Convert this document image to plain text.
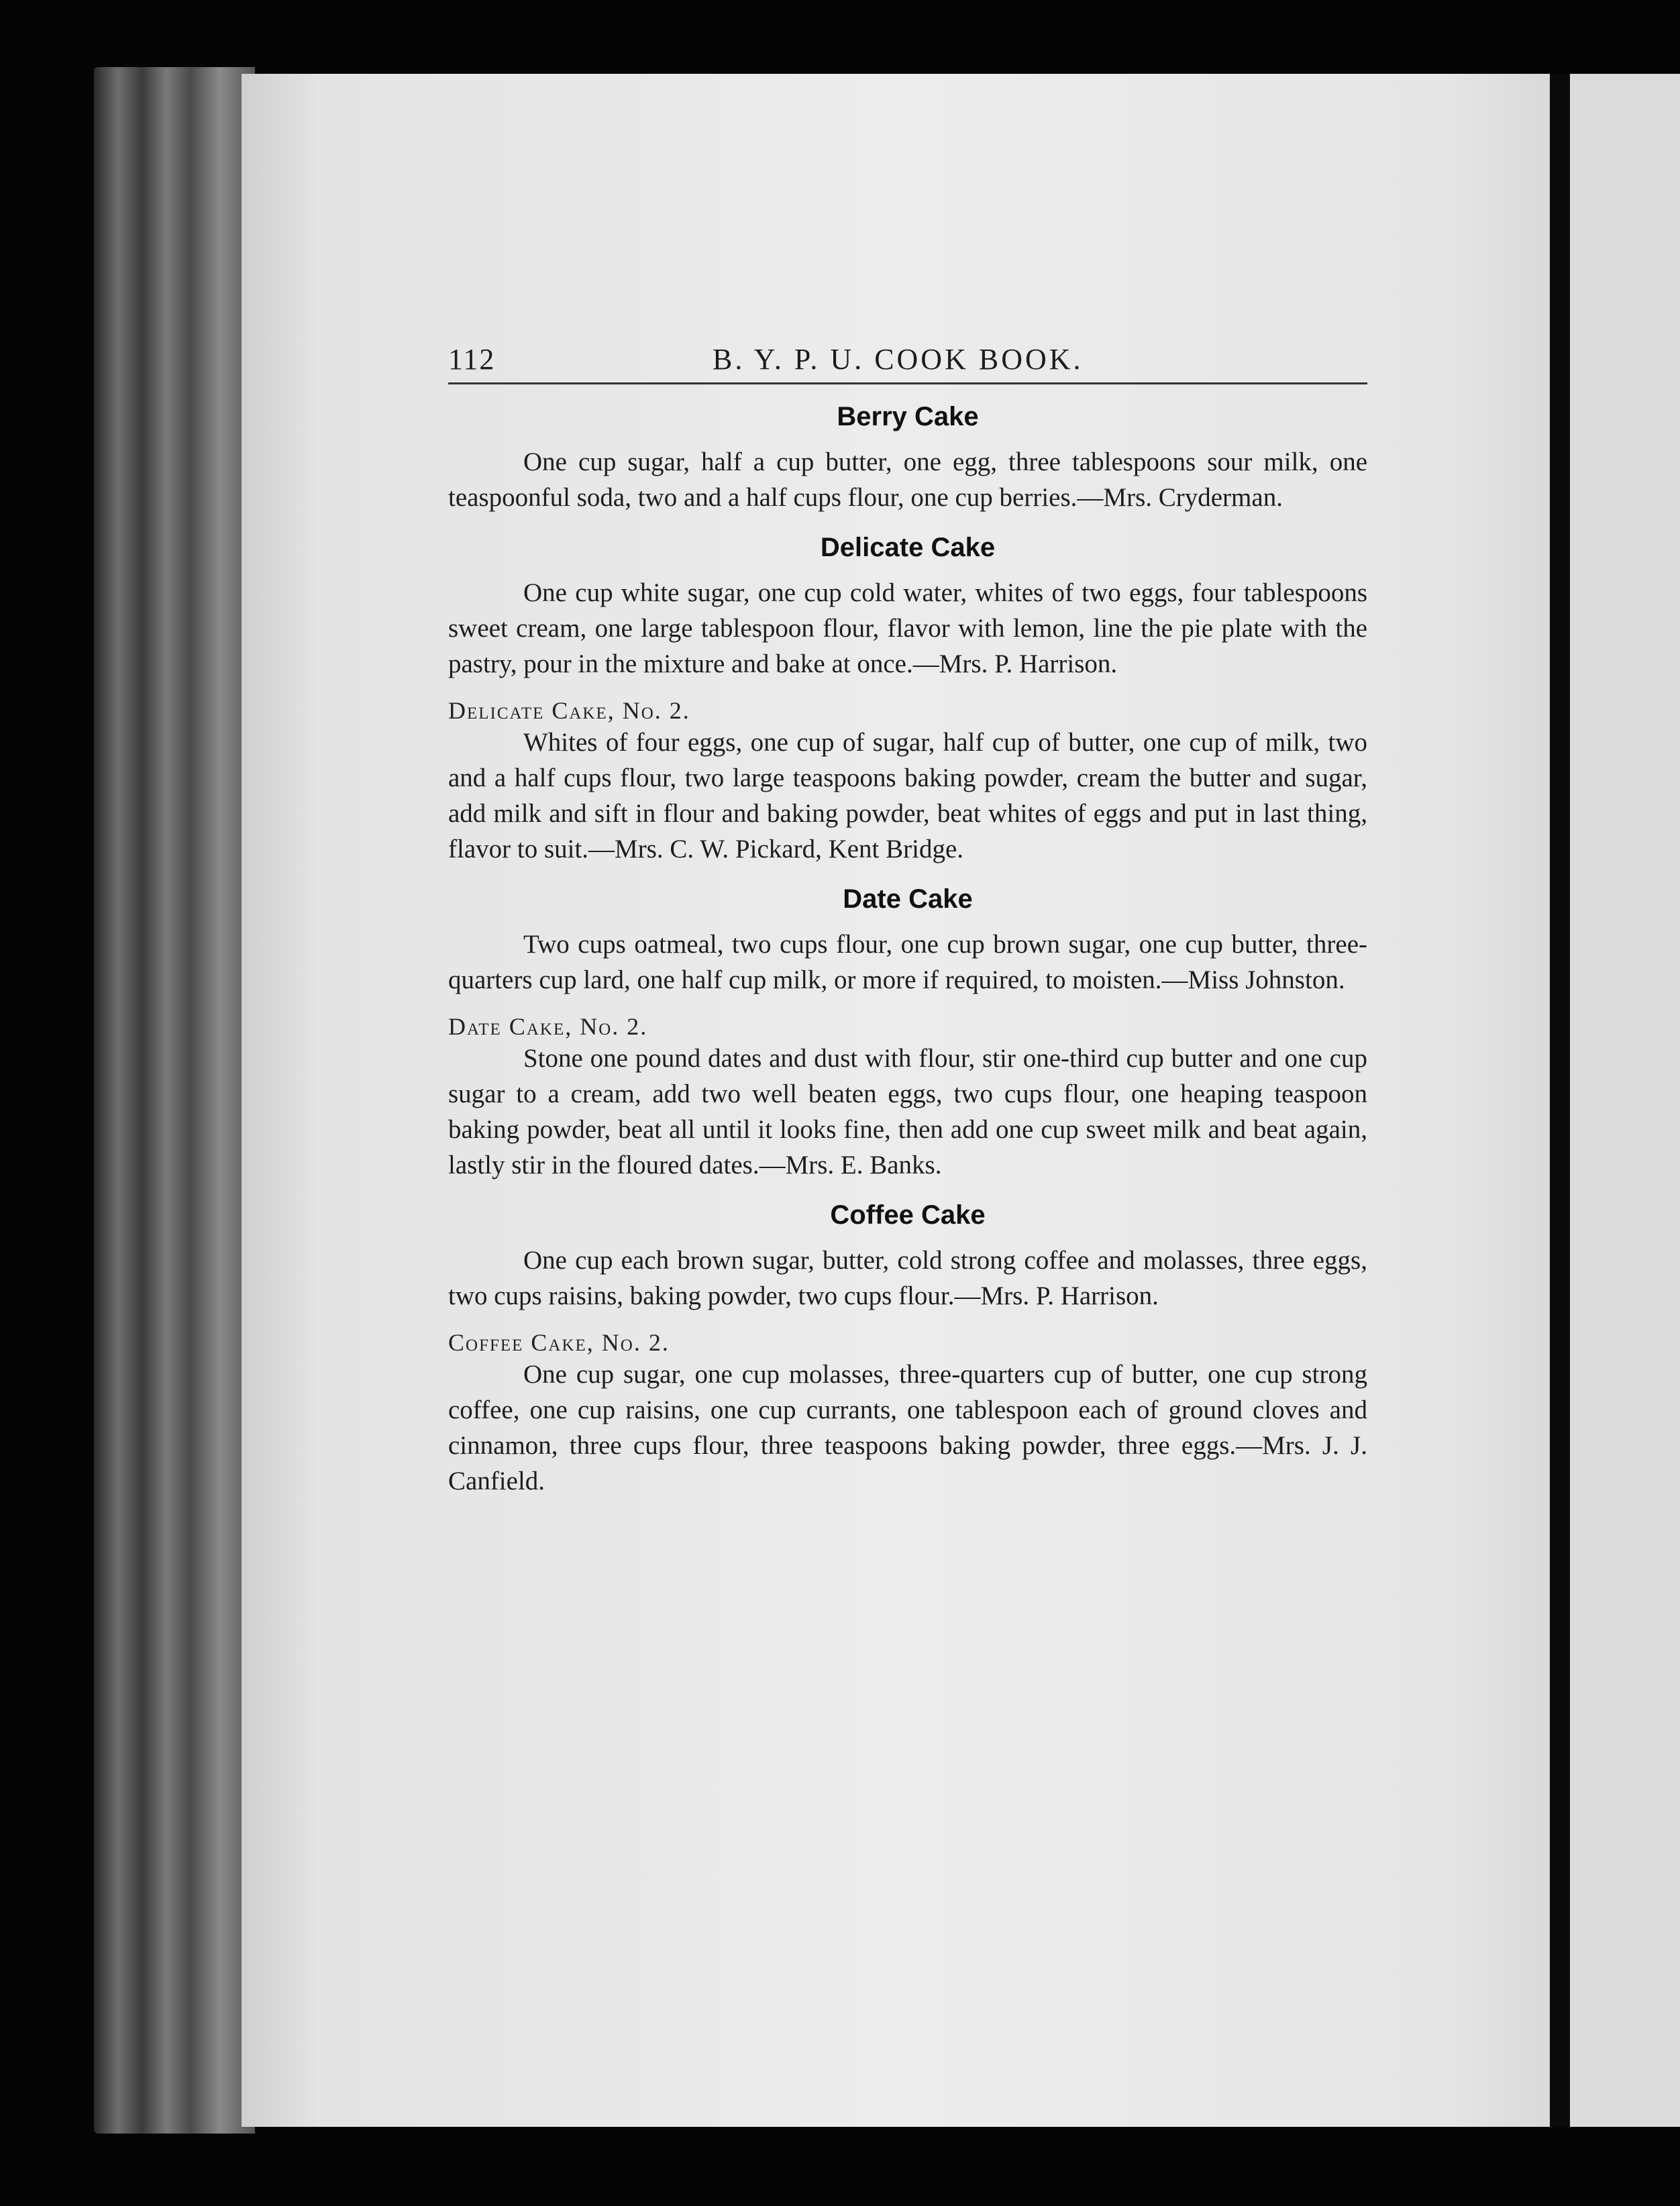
112	B. Y. P. U. COOK BOOK.
Berry Cake

One cup sugar, half a cup butter, one egg, three tablespoons sour milk, one teaspoonful soda, two and a half cups flour, one cup berries.—Mrs. Cryderman.

Delicate Cake

One cup white sugar, one cup cold water, whites of two eggs, four tablespoons sweet cream, one large tablespoon flour, flavor with lemon, line the pie plate with the pastry, pour in the mixture and bake at once.—Mrs. P. Harrison.

Delicate Cake, No. 2.

Whites of four eggs, one cup of sugar, half cup of butter, one cup of milk, two and a half cups flour, two large teaspoons baking powder, cream the butter and sugar, add milk and sift in flour and baking powder, beat whites of eggs and put in last thing, flavor to suit.—Mrs. C. W. Pickard, Kent Bridge.

Date Cake

Two cups oatmeal, two cups flour, one cup brown sugar, one cup butter, three-quarters cup lard, one half cup milk, or more if required, to moisten.—Miss Johnston.

Date Cake, No. 2.

Stone one pound dates and dust with flour, stir one-third cup butter and one cup sugar to a cream, add two well beaten eggs, two cups flour, one heaping teaspoon baking powder, beat all until it looks fine, then add one cup sweet milk and beat again, lastly stir in the floured dates.—Mrs. E. Banks.

Coffee Cake

One cup each brown sugar, butter, cold strong coffee and molasses, three eggs, two cups raisins, baking powder, two cups flour.—Mrs. P. Harrison.

Coffee Cake, No. 2.

One cup sugar, one cup molasses, three-quarters cup of butter, one cup strong coffee, one cup raisins, one cup currants, one tablespoon each of ground cloves and cinnamon, three cups flour, three teaspoons baking powder, three eggs.—Mrs. J. J. Canfield.
